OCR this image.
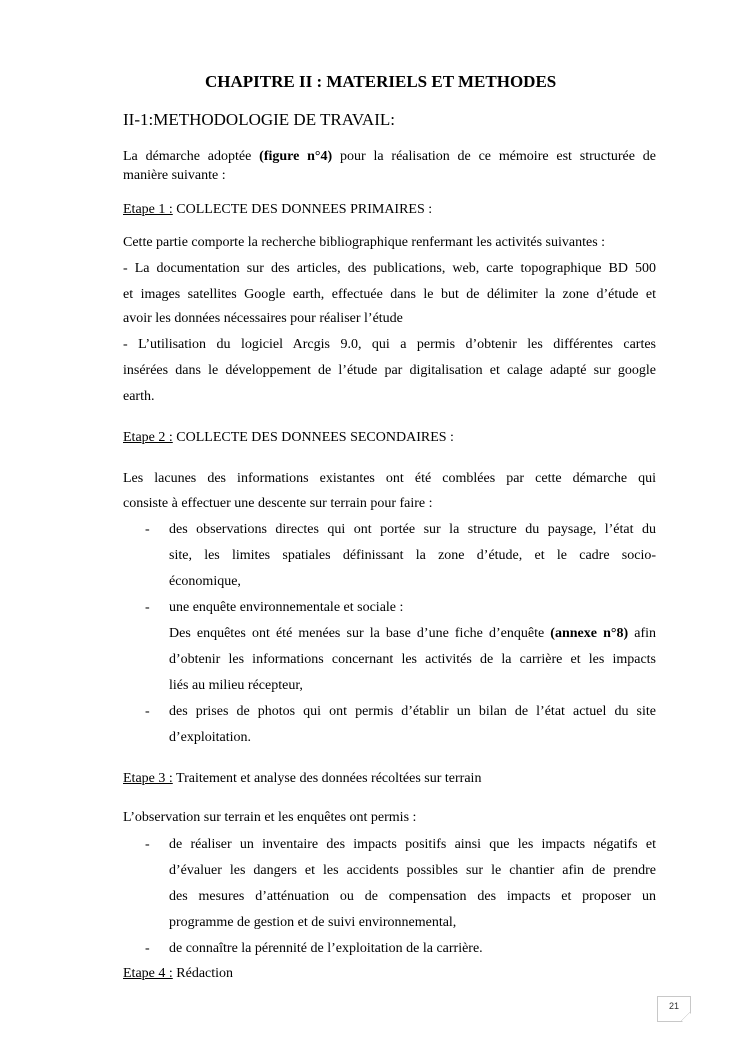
CHAPITRE II : MATERIELS ET METHODES
II-1:METHODOLOGIE DE TRAVAIL:
La démarche adoptée (figure n°4) pour la réalisation de ce mémoire est structurée de
manière suivante :
Etape 1 : COLLECTE DES DONNEES PRIMAIRES :
Cette partie comporte la recherche bibliographique renfermant les activités suivantes :
- La documentation sur des articles, des publications, web, carte topographique BD 500
et images satellites Google earth, effectuée dans le but de délimiter la zone d’étude et
avoir les données nécessaires pour réaliser l’étude
- L’utilisation du logiciel Arcgis 9.0, qui a permis d’obtenir les différentes cartes
insérées dans le développement de l’étude par digitalisation et calage adapté sur google
earth.
Etape 2 : COLLECTE DES DONNEES SECONDAIRES :
Les lacunes des informations existantes ont été comblées par cette démarche qui
consiste à effectuer une descente sur terrain pour faire :
- des observations directes qui ont portée sur la structure du paysage, l’état du
site, les limites spatiales définissant la zone d’étude, et le cadre socio-
économique,
- une enquête environnementale et sociale :
Des enquêtes ont été menées sur la base d’une fiche d’enquête (annexe n°8) afin
d’obtenir les informations concernant les activités de la carrière et les impacts
liés au milieu récepteur,
- des prises de photos qui ont permis d’établir un bilan de l’état actuel du site
d’exploitation.
Etape 3 : Traitement et analyse des données récoltées sur terrain
L’observation sur terrain et les enquêtes ont permis :
- de réaliser un inventaire des impacts positifs ainsi que les impacts négatifs et
d’évaluer les dangers et les accidents possibles sur le chantier afin de prendre
des mesures d’atténuation ou de compensation des impacts et proposer un
programme de gestion et de suivi environnemental,
- de connaître la pérennité de l’exploitation de la carrière.
Etape 4 : Rédaction
21
